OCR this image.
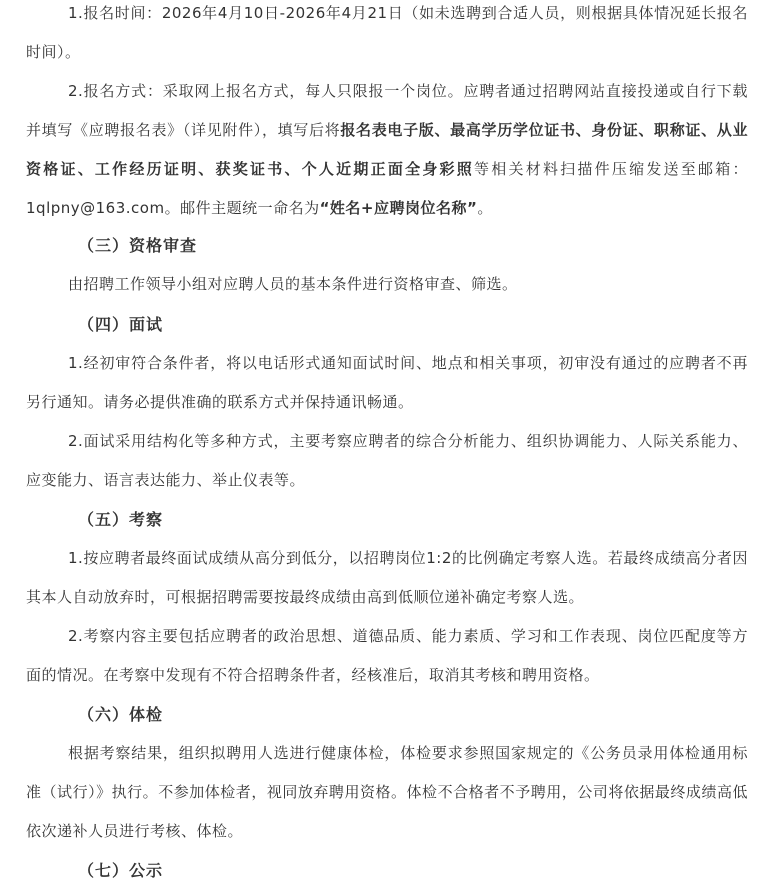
1.报名时间：2026年4月10日-2026年4月21日（如未选聘到合适人员，则根据具体情况延长报名时间）。

2.报名方式：采取网上报名方式，每人只限报一个岗位。应聘者通过招聘网站直接投递或自行下载并填写《应聘报名表》（详见附件），填写后将报名表电子版、最高学历学位证书、身份证、职称证、从业资格证、工作经历证明、获奖证书、个人近期正面全身彩照等相关材料扫描件压缩发送至邮箱：1qlpny@163.com。邮件主题统一命名为“姓名+应聘岗位名称”。

（三）资格审查

由招聘工作领导小组对应聘人员的基本条件进行资格审查、筛选。

（四）面试

1.经初审符合条件者，将以电话形式通知面试时间、地点和相关事项，初审没有通过的应聘者不再另行通知。请务必提供准确的联系方式并保持通讯畅通。

2.面试采用结构化等多种方式，主要考察应聘者的综合分析能力、组织协调能力、人际关系能力、应变能力、语言表达能力、举止仪表等。

（五）考察

1.按应聘者最终面试成绩从高分到低分，以招聘岗位1:2的比例确定考察人选。若最终成绩高分者因其本人自动放弃时，可根据招聘需要按最终成绩由高到低顺位递补确定考察人选。

2.考察内容主要包括应聘者的政治思想、道德品质、能力素质、学习和工作表现、岗位匹配度等方面的情况。在考察中发现有不符合招聘条件者，经核准后，取消其考核和聘用资格。

（六）体检

根据考察结果，组织拟聘用人选进行健康体检，体检要求参照国家规定的《公务员录用体检通用标准（试行）》执行。不参加体检者，视同放弃聘用资格。体检不合格者不予聘用，公司将依据最终成绩高低依次递补人员进行考核、体检。

（七）公示
